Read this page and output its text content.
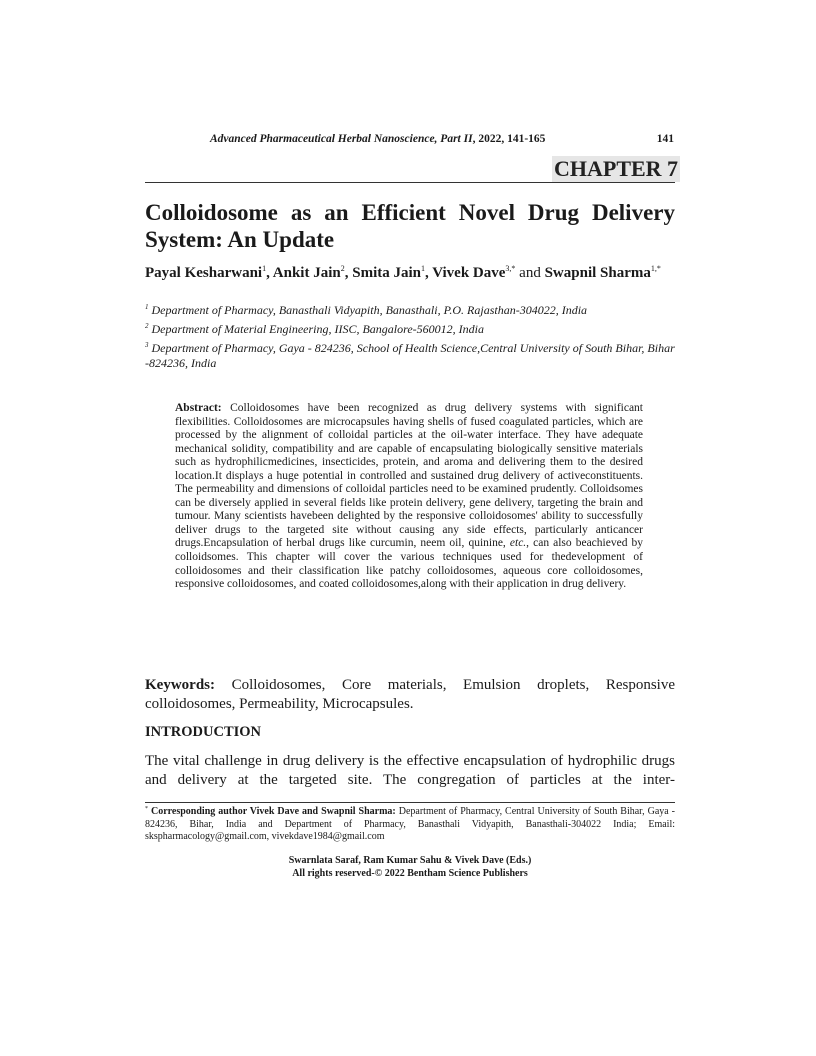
Advanced Pharmaceutical Herbal Nanoscience, Part II, 2022, 141-165	141
CHAPTER 7
Colloidosome as an Efficient Novel Drug Delivery
System: An Update
Payal Kesharwani$^1$, Ankit Jain$^2$, Smita Jain$^1$, Vivek Dave$^{3,*}$ and Swapnil Sharma$^{1,*}$

$^1$ Department of Pharmacy, Banasthali Vidyapith, Banasthali, P.O. Rajasthan-304022, India

$^2$ Department of Material Engineering, IISC, Bangalore-560012, India

$^3$ Department of Pharmacy, Gaya - 824236, School of Health Science,Central University of South Bihar, Bihar -824236, India

Abstract: Colloidosomes have been recognized as drug delivery systems with significant flexibilities. Colloidosomes are microcapsules having shells of fused coagulated particles, which are processed by the alignment of colloidal particles at the oil-water interface. They have adequate mechanical solidity, compatibility and are capable of encapsulating biologically sensitive materials such as hydrophilicmedicines, insecticides, protein, and aroma and delivering them to the desired location.It displays a huge potential in controlled and sustained drug delivery of activeconstituents. The permeability and dimensions of colloidal particles need to be examined prudently. Colloidsomes can be diversely applied in several fields like protein delivery, gene delivery, targeting the brain and tumour. Many scientists havebeen delighted by the responsive colloidosomes' ability to successfully deliver drugs to the targeted site without causing any side effects, particularly anticancer drugs.Encapsulation of herbal drugs like curcumin, neem oil, quinine, etc., can also beachieved by colloidsomes. This chapter will cover the various techniques used for thedevelopment of colloidosomes and their classification like patchy colloidosomes, aqueous core colloidosomes, responsive colloidosomes, and coated colloidosomes,along with their application in drug delivery.
Keywords: Colloidosomes, Core materials, Emulsion droplets, Responsive colloidosomes, Permeability, Microcapsules.
INTRODUCTION
The vital challenge in drug delivery is the effective encapsulation of hydrophilic drugs and delivery at the targeted site. The congregation of particles at the inter-
* Corresponding author Vivek Dave and Swapnil Sharma: Department of Pharmacy, Central University of South Bihar, Gaya - 824236, Bihar, India and Department of Pharmacy, Banasthali Vidyapith, Banasthali-304022 India; Email: skspharmacology@gmail.com, vivekdave1984@gmail.com
Swarnlata Saraf, Ram Kumar Sahu & Vivek Dave (Eds.)
All rights reserved-© 2022 Bentham Science Publishers
